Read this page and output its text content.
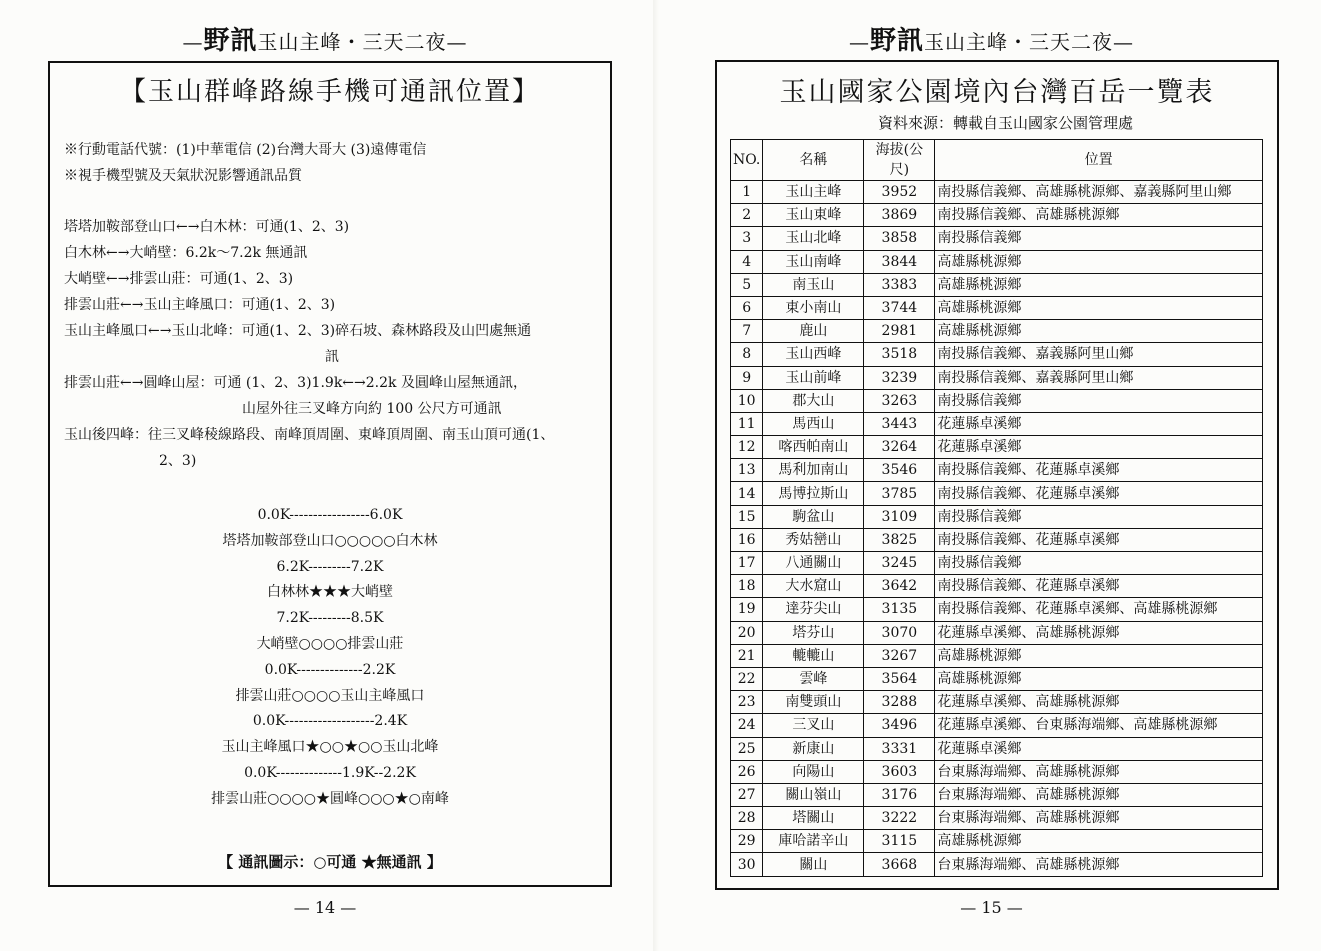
—野訊玉山主峰・三天二夜—
【玉山群峰路線手機可通訊位置】
※行動電話代號：(1)中華電信 (2)台灣大哥大 (3)遠傳電信
※視手機型號及天氣狀況影響通訊品質
塔塔加鞍部登山口←→白木林：可通(1、2、3)
白木林←→大峭壁：6.2k～7.2k 無通訊
大峭壁←→排雲山莊：可通(1、2、3)
排雲山莊←→玉山主峰風口：可通(1、2、3)
玉山主峰風口←→玉山北峰：可通(1、2、3)碎石坡、森林路段及山凹處無通
訊
排雲山莊←→圓峰山屋：可通 (1、2、3)1.9k←→2.2k 及圓峰山屋無通訊，
山屋外往三叉峰方向約 100 公尺方可通訊
玉山後四峰：往三叉峰稜線路段、南峰頂周圍、東峰頂周圍、南玉山頂可通(1、
2、3)
0.0K-----------------6.0K
塔塔加鞍部登山口○○○○○白木林
6.2K---------7.2K
白林林★★★大峭壁
7.2K---------8.5K
大峭壁○○○○排雲山莊
0.0K--------------2.2K
排雲山莊○○○○玉山主峰風口
0.0K-------------------2.4K
玉山主峰風口★○○★○○玉山北峰
0.0K--------------1.9K--2.2K
排雲山莊○○○○★圓峰○○○★○南峰
【 通訊圖示：○可通 ★無通訊 】
— 14 —
—野訊玉山主峰・三天二夜—
玉山國家公園境內台灣百岳一覽表
資料來源：轉載自玉山國家公園管理處
NO.	名稱	海拔(公尺)	位置
1	玉山主峰	3952	南投縣信義鄉、高雄縣桃源鄉、嘉義縣阿里山鄉
2	玉山東峰	3869	南投縣信義鄉、高雄縣桃源鄉
3	玉山北峰	3858	南投縣信義鄉
4	玉山南峰	3844	高雄縣桃源鄉
5	南玉山	3383	高雄縣桃源鄉
6	東小南山	3744	高雄縣桃源鄉
7	鹿山	2981	高雄縣桃源鄉
8	玉山西峰	3518	南投縣信義鄉、嘉義縣阿里山鄉
9	玉山前峰	3239	南投縣信義鄉、嘉義縣阿里山鄉
10	郡大山	3263	南投縣信義鄉
11	馬西山	3443	花蓮縣卓溪鄉
12	喀西帕南山	3264	花蓮縣卓溪鄉
13	馬利加南山	3546	南投縣信義鄉、花蓮縣卓溪鄉
14	馬博拉斯山	3785	南投縣信義鄉、花蓮縣卓溪鄉
15	駒盆山	3109	南投縣信義鄉
16	秀姑巒山	3825	南投縣信義鄉、花蓮縣卓溪鄉
17	八通關山	3245	南投縣信義鄉
18	大水窟山	3642	南投縣信義鄉、花蓮縣卓溪鄉
19	達芬尖山	3135	南投縣信義鄉、花蓮縣卓溪鄉、高雄縣桃源鄉
20	塔芬山	3070	花蓮縣卓溪鄉、高雄縣桃源鄉
21	轆轆山	3267	高雄縣桃源鄉
22	雲峰	3564	高雄縣桃源鄉
23	南雙頭山	3288	花蓮縣卓溪鄉、高雄縣桃源鄉
24	三叉山	3496	花蓮縣卓溪鄉、台東縣海端鄉、高雄縣桃源鄉
25	新康山	3331	花蓮縣卓溪鄉
26	向陽山	3603	台東縣海端鄉、高雄縣桃源鄉
27	關山嶺山	3176	台東縣海端鄉、高雄縣桃源鄉
28	塔關山	3222	台東縣海端鄉、高雄縣桃源鄉
29	庫哈諾辛山	3115	高雄縣桃源鄉
30	關山	3668	台東縣海端鄉、高雄縣桃源鄉
— 15 —
